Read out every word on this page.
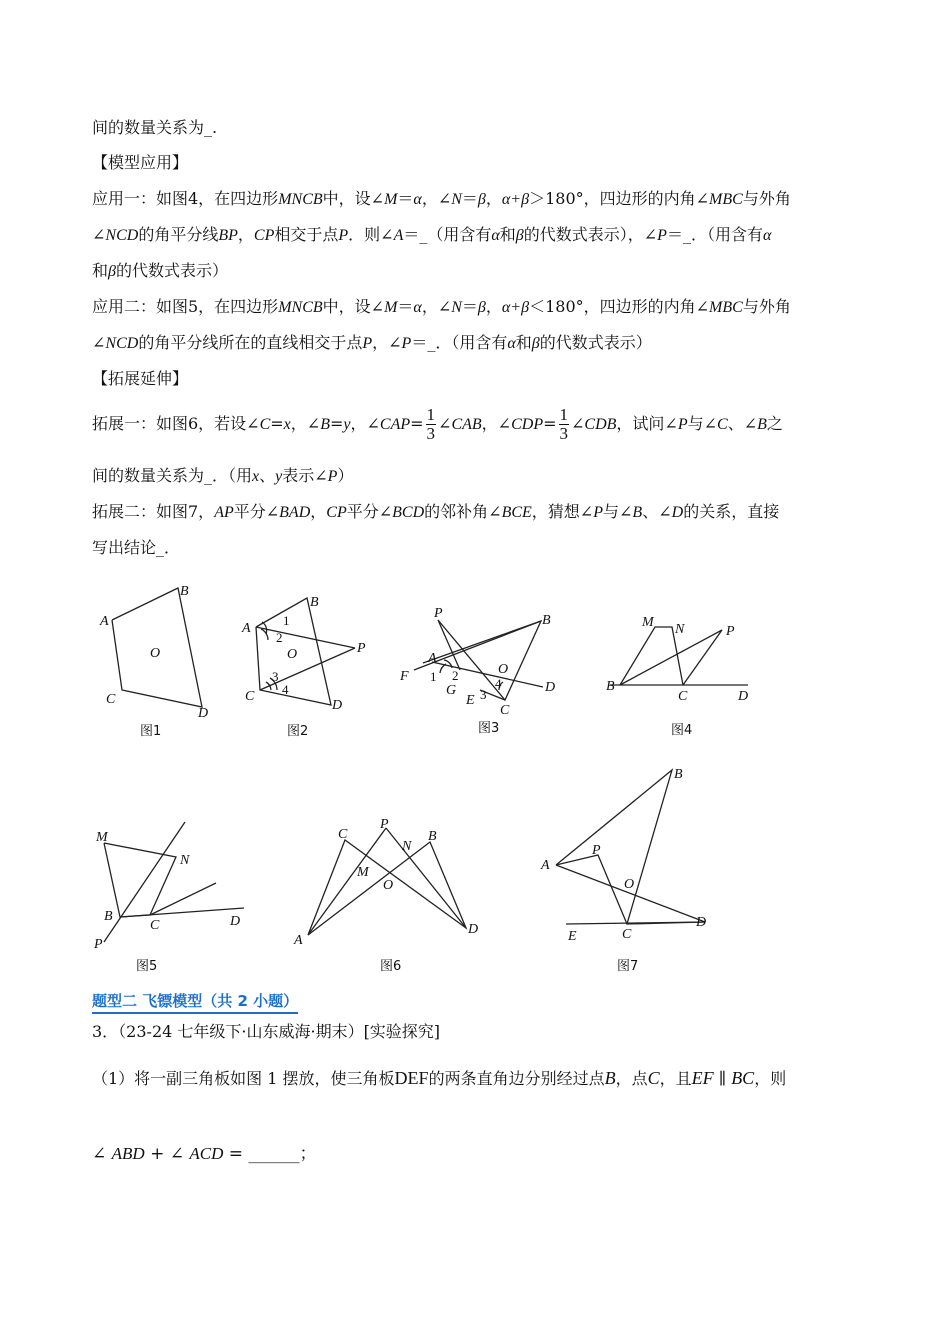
间的数量关系为_.
【模型应用】
应用一：如图4，在四边形MNCB中，设∠M＝α，∠N＝β，α+β＞180°，四边形的内角∠MBC与外角
∠NCD的角平分线BP，CP相交于点P．则∠A＝_（用含有α和β的代数式表示），∠P＝_．（用含有α
和β的代数式表示）
应用二：如图5，在四边形MNCB中，设∠M＝α，∠N＝β，α+β＜180°，四边形的内角∠MBC与外角
∠NCD的角平分线所在的直线相交于点P，∠P＝_．（用含有α和β的代数式表示）
【拓展延伸】
拓展一：如图6，若设∠C=x，∠B=y，∠CAP= $\frac{1}{3}$ ∠CAB，∠CDP= $\frac{1}{3}$ ∠CDB，试问∠P与∠C、∠B之
间的数量关系为_．（用x、y表示∠P）
拓展二：如图7，AP平分∠BAD，CP平分∠BCD的邻补角∠BCE，猜想∠P与∠B、∠D的关系，直接
写出结论_．
A
B
O
C
D
图1
A
B
1
2
O	P
3
4
C
D
图2
P	B
F
A
1 2
G
O
4
E 3	D
C
图3
M N	P
B
C	D
图4
M
N
B
C	D
P
图5
C
P
B
N
M
O
A
D
图6
B
P
A
O
D
E	C
图7
题型二 飞镖模型（共 2 小题）
3．（23-24 七年级下·山东威海·期末）[实验探究]
（1）将一副三角板如图 1 摆放，使三角板DEF的两条直角边分别经过点B，点C，且EF ∥ BC，则
∠ ABD + ∠ ACD = ______；
